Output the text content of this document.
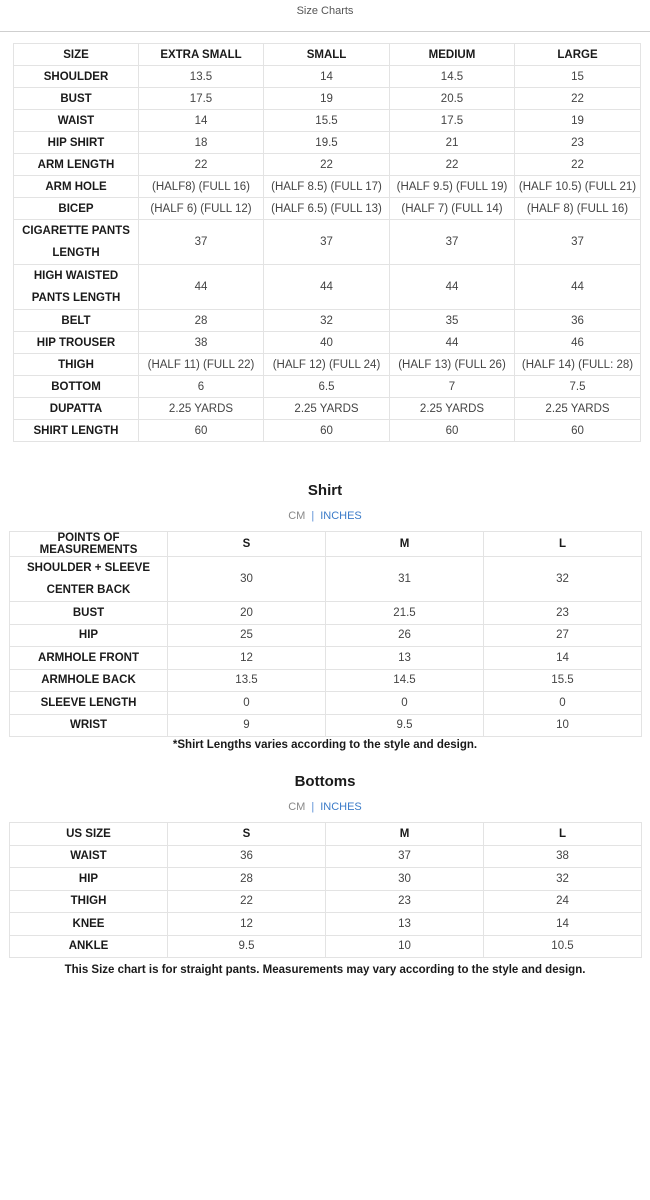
Size Charts
SIZE	EXTRA SMALL	SMALL	MEDIUM	LARGE
SHOULDER	13.5	14	14.5	15
BUST	17.5	19	20.5	22
WAIST	14	15.5	17.5	19
HIP SHIRT	18	19.5	21	23
ARM LENGTH	22	22	22	22
ARM HOLE	(HALF8) (FULL 16)	(HALF 8.5) (FULL 17)	(HALF 9.5) (FULL 19)	(HALF 10.5) (FULL 21)
BICEP	(HALF 6) (FULL 12)	(HALF 6.5) (FULL 13)	(HALF 7) (FULL 14)	(HALF 8) (FULL 16)
CIGARETTE PANTS LENGTH	37	37	37	37
HIGH WAISTED PANTS LENGTH	44	44	44	44
BELT	28	32	35	36
HIP TROUSER	38	40	44	46
THIGH	(HALF 11) (FULL 22)	(HALF 12) (FULL 24)	(HALF 13) (FULL 26)	(HALF 14) (FULL: 28)
BOTTOM	6	6.5	7	7.5
DUPATTA	2.25 YARDS	2.25 YARDS	2.25 YARDS	2.25 YARDS
SHIRT LENGTH	60	60	60	60
Shirt
CM | INCHES
POINTS OF MEASUREMENTS	S	M	L
SHOULDER + SLEEVE CENTER BACK	30	31	32
BUST	20	21.5	23
HIP	25	26	27
ARMHOLE FRONT	12	13	14
ARMHOLE BACK	13.5	14.5	15.5
SLEEVE LENGTH	0	0	0
WRIST	9	9.5	10
*Shirt Lengths varies according to the style and design.
Bottoms
CM | INCHES
US SIZE	S	M	L
WAIST	36	37	38
HIP	28	30	32
THIGH	22	23	24
KNEE	12	13	14
ANKLE	9.5	10	10.5
This Size chart is for straight pants. Measurements may vary according to the style and design.
